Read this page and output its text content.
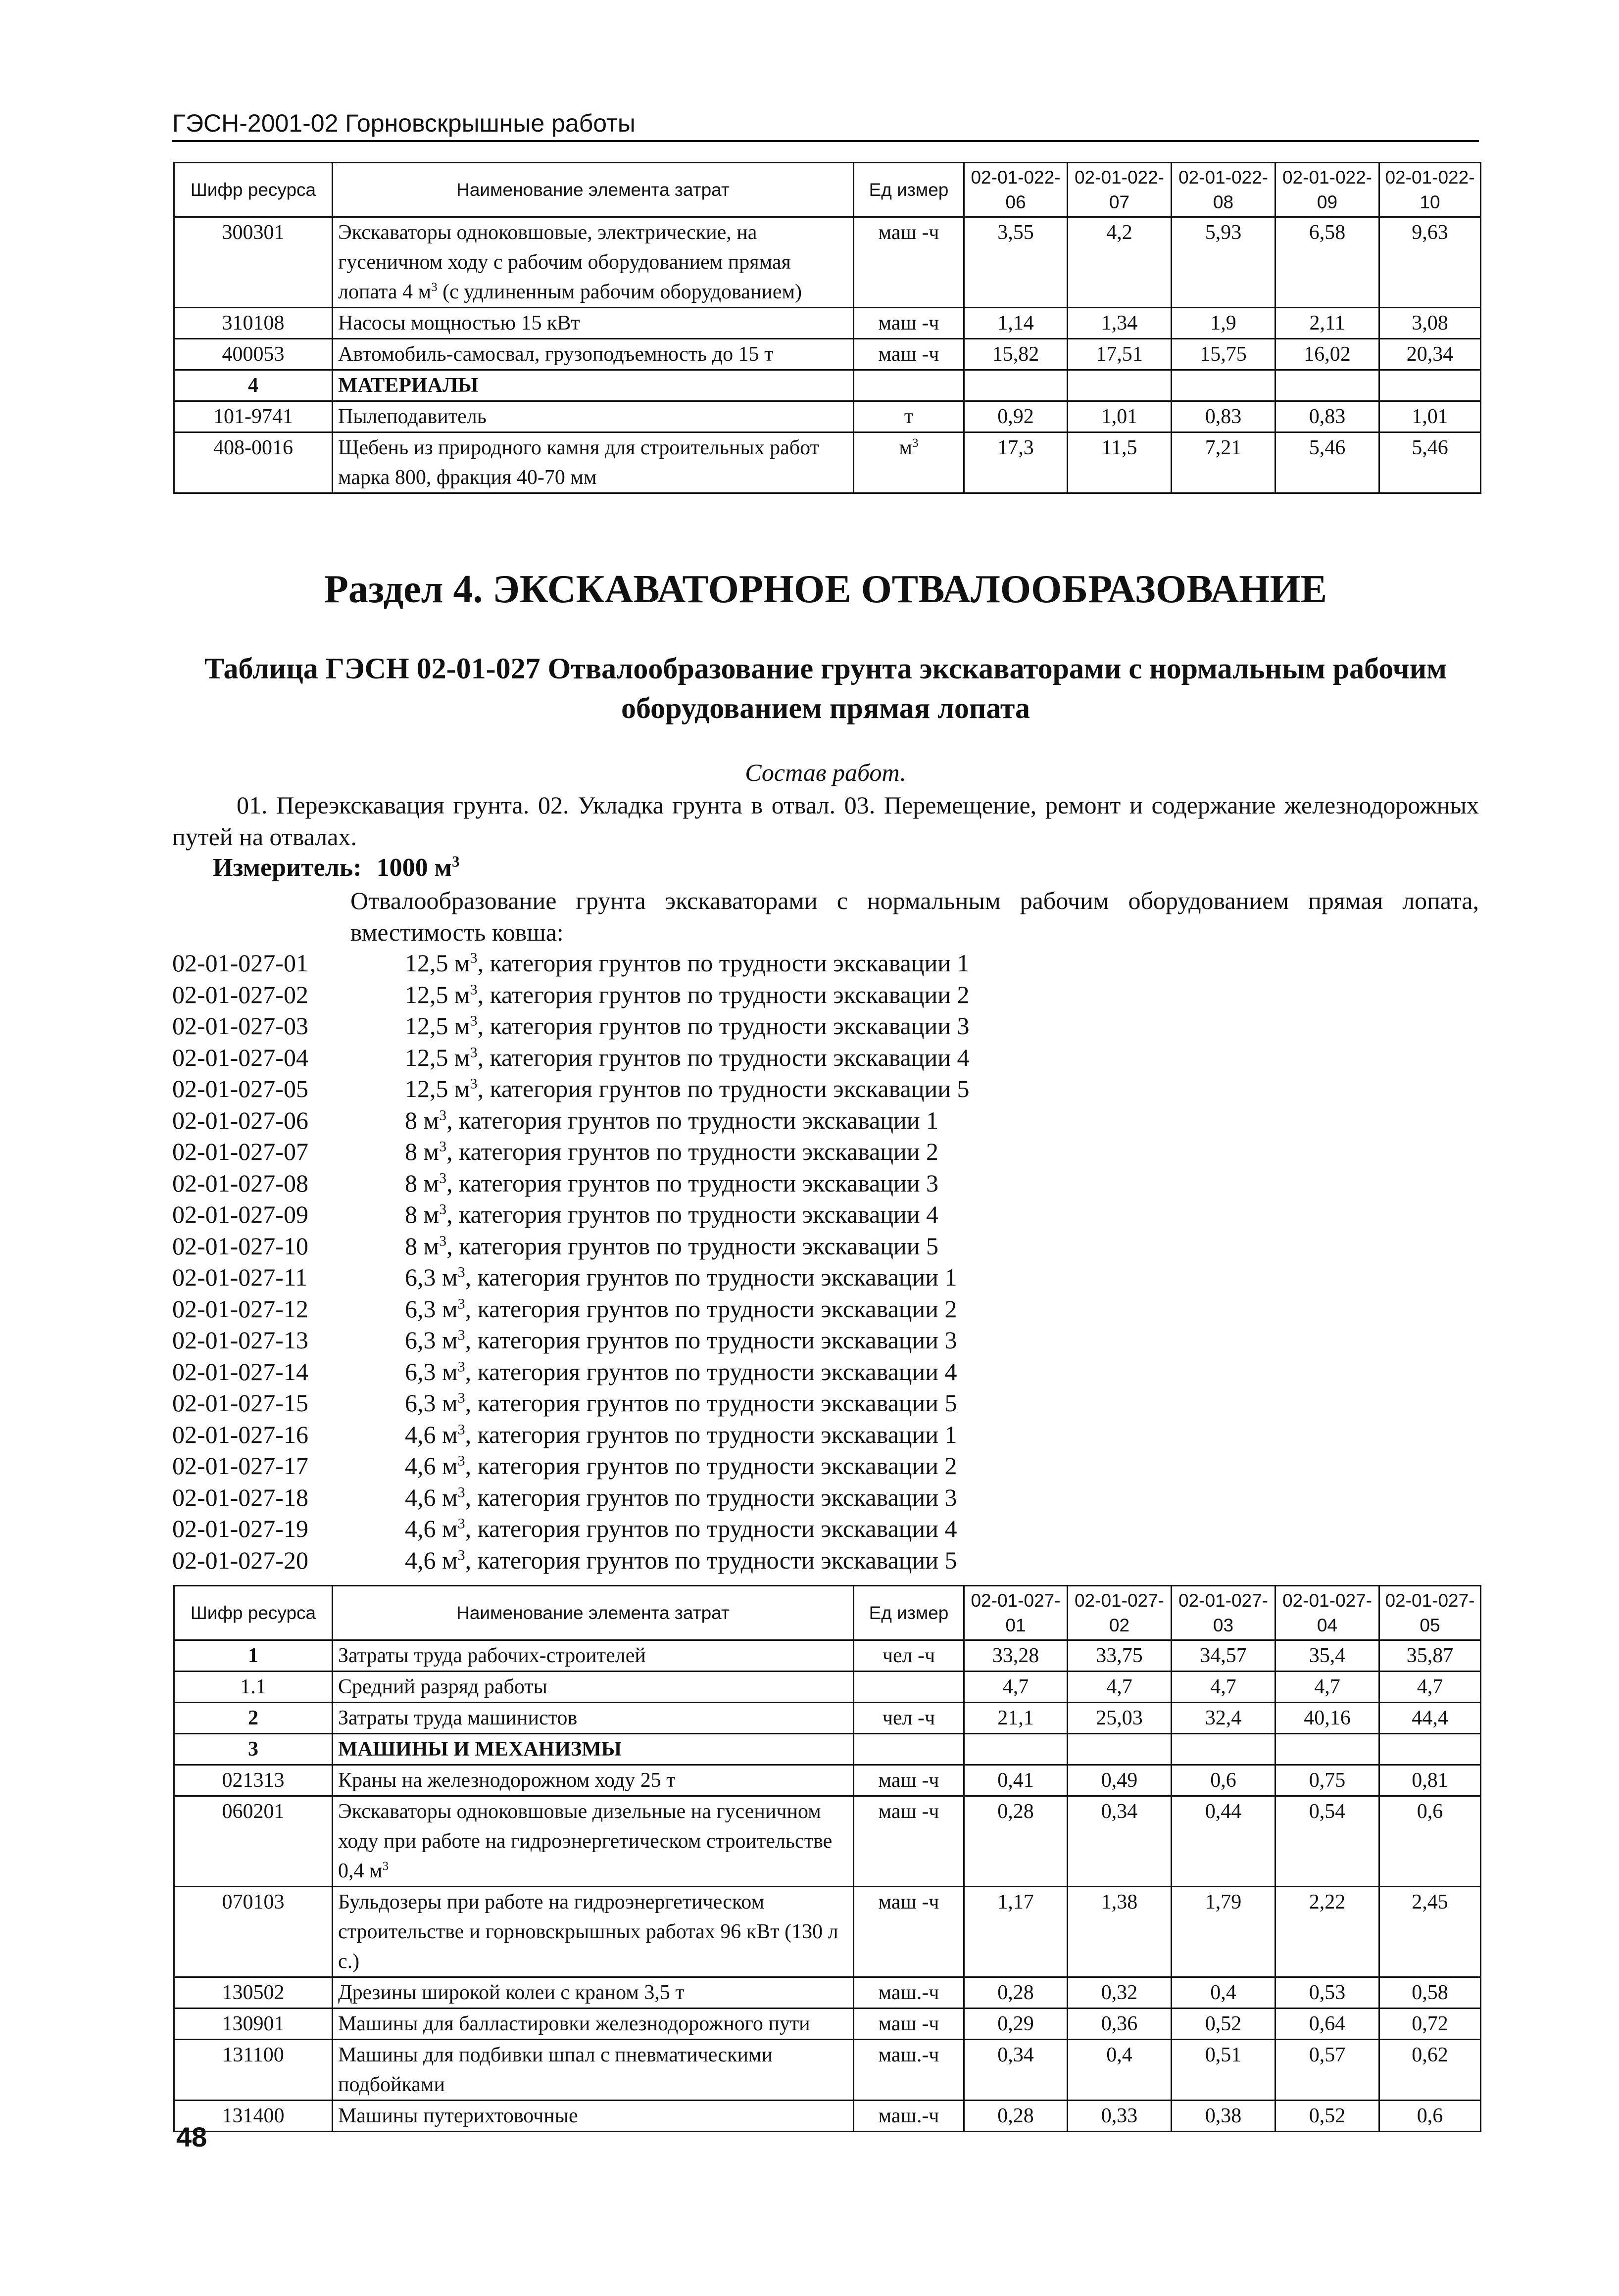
ГЭСН-2001-02 Горновскрышные работы
Шифр ресурса	Наименование элемента затрат	Ед измер	02-01-022-06	02-01-022-07	02-01-022-08	02-01-022-09	02-01-022-10
300301	Экскаваторы одноковшовые, электрические, на гусеничном ходу с рабочим оборудованием прямая лопата 4 $м^3$ (с удлиненным рабочим оборудованием)	маш -ч	3,55	4,2	5,93	6,58	9,63
310108	Насосы мощностью 15 кВт	маш -ч	1,14	1,34	1,9	2,11	3,08
400053	Автомобиль-самосвал, грузоподъемность до 15 т	маш -ч	15,82	17,51	15,75	16,02	20,34
4	МАТЕРИАЛЫ						
101-9741	Пылеподавитель	т	0,92	1,01	0,83	0,83	1,01
408-0016	Щебень из природного камня для строительных работ марка 800, фракция 40-70 мм	$м^3$	17,3	11,5	7,21	5,46	5,46
Раздел 4. ЭКСКАВАТОРНОЕ ОТВАЛООБРАЗОВАНИЕ
Таблица ГЭСН 02-01-027 Отвалообразование грунта экскаваторами с нормальным рабочим оборудованием прямая лопата
Состав работ.
01. Переэкскавация грунта. 02. Укладка грунта в отвал. 03. Перемещение, ремонт и содержание железнодорожных путей на отвалах.
Измеритель: 1000 $м^3$
Отвалообразование грунта экскаваторами с нормальным рабочим оборудованием прямая лопата, вместимость ковша:
02-01-027-01	12,5 $м^3$, категория грунтов по трудности экскавации 1
02-01-027-02	12,5 $м^3$, категория грунтов по трудности экскавации 2
02-01-027-03	12,5 $м^3$, категория грунтов по трудности экскавации 3
02-01-027-04	12,5 $м^3$, категория грунтов по трудности экскавации 4
02-01-027-05	12,5 $м^3$, категория грунтов по трудности экскавации 5
02-01-027-06	8 $м^3$, категория грунтов по трудности экскавации 1
02-01-027-07	8 $м^3$, категория грунтов по трудности экскавации 2
02-01-027-08	8 $м^3$, категория грунтов по трудности экскавации 3
02-01-027-09	8 $м^3$, категория грунтов по трудности экскавации 4
02-01-027-10	8 $м^3$, категория грунтов по трудности экскавации 5
02-01-027-11	6,3 $м^3$, категория грунтов по трудности экскавации 1
02-01-027-12	6,3 $м^3$, категория грунтов по трудности экскавации 2
02-01-027-13	6,3 $м^3$, категория грунтов по трудности экскавации 3
02-01-027-14	6,3 $м^3$, категория грунтов по трудности экскавации 4
02-01-027-15	6,3 $м^3$, категория грунтов по трудности экскавации 5
02-01-027-16	4,6 $м^3$, категория грунтов по трудности экскавации 1
02-01-027-17	4,6 $м^3$, категория грунтов по трудности экскавации 2
02-01-027-18	4,6 $м^3$, категория грунтов по трудности экскавации 3
02-01-027-19	4,6 $м^3$, категория грунтов по трудности экскавации 4
02-01-027-20	4,6 $м^3$, категория грунтов по трудности экскавации 5
Шифр ресурса	Наименование элемента затрат	Ед измер	02-01-027-01	02-01-027-02	02-01-027-03	02-01-027-04	02-01-027-05
1	Затраты труда рабочих-строителей	чел -ч	33,28	33,75	34,57	35,4	35,87
1.1	Средний разряд работы		4,7	4,7	4,7	4,7	4,7
2	Затраты труда машинистов	чел -ч	21,1	25,03	32,4	40,16	44,4
3	МАШИНЫ И МЕХАНИЗМЫ						
021313	Краны на железнодорожном ходу 25 т	маш -ч	0,41	0,49	0,6	0,75	0,81
060201	Экскаваторы одноковшовые дизельные на гусеничном ходу при работе на гидроэнергетическом строительстве 0,4 $м^3$	маш -ч	0,28	0,34	0,44	0,54	0,6
070103	Бульдозеры при работе на гидроэнергетическом строительстве и горновскрышных работах 96 кВт (130 л с.)	маш -ч	1,17	1,38	1,79	2,22	2,45
130502	Дрезины широкой колеи с краном 3,5 т	маш.-ч	0,28	0,32	0,4	0,53	0,58
130901	Машины для балластировки железнодорожного пути	маш -ч	0,29	0,36	0,52	0,64	0,72
131100	Машины для подбивки шпал с пневматическими подбойками	маш.-ч	0,34	0,4	0,51	0,57	0,62
131400	Машины путерихтовочные	маш.-ч	0,28	0,33	0,38	0,52	0,6
48
